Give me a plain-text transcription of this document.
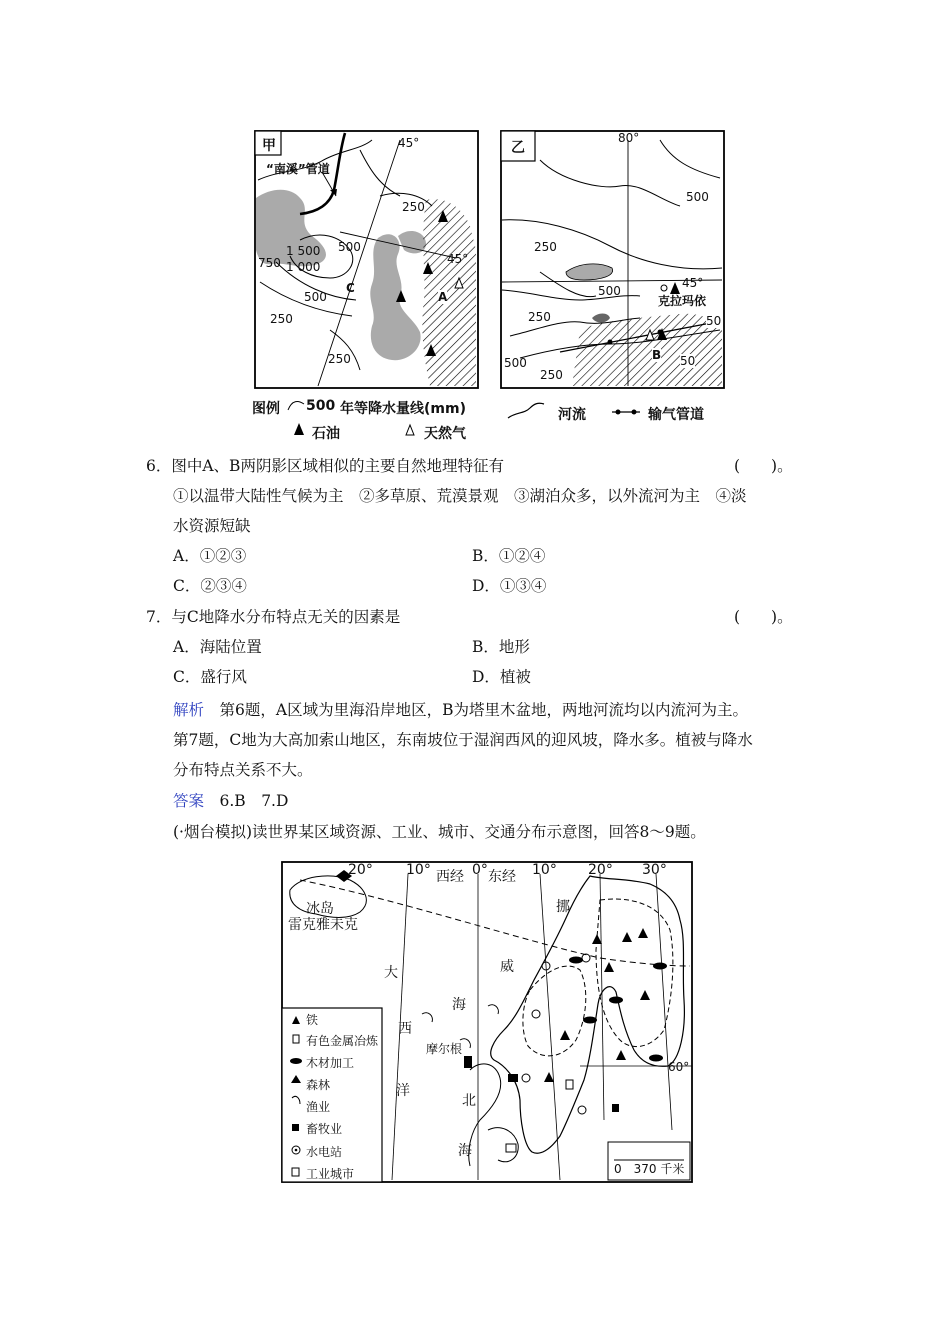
甲
“南溪”管道
45°
45°
250
500
1 500
1 000
750
500
250
250
C
A
乙
80°
45°
克拉玛依
500
250
500
250
500
250
50
50
B
图例 500 年等降水量线(mm)
石油	天然气
河流	输气管道
6．图中A、B两阴影区域相似的主要自然地理特征有	(　　)。
①以温带大陆性气候为主　②多草原、荒漠景观　③湖泊众多，以外流河为主　④淡
水资源短缺
A．①②③	B．①②④
C．②③④	D．①③④
7．与C地降水分布特点无关的因素是	(　　)。
A．海陆位置	B．地形
C．盛行风	D．植被
解析　第6题，A区域为里海沿岸地区，B为塔里木盆地，两地河流均以内流河为主。
第7题，C地为大高加索山地区，东南坡位于湿润西风的迎风坡，降水多。植被与降水
分布特点关系不大。
答案　6.B　7.D
(·烟台模拟)读世界某区域资源、工业、城市、交通分布示意图，回答8～9题。
20° 10° 西经 0° 东经 10° 20° 30°
冰岛
雷克雅未克
挪
威
大
西
洋
海
北
海
摩尔根
60°
0　370 千米
铁
有色金属冶炼
木材加工
森林
渔业
畜牧业
水电站
工业城市
